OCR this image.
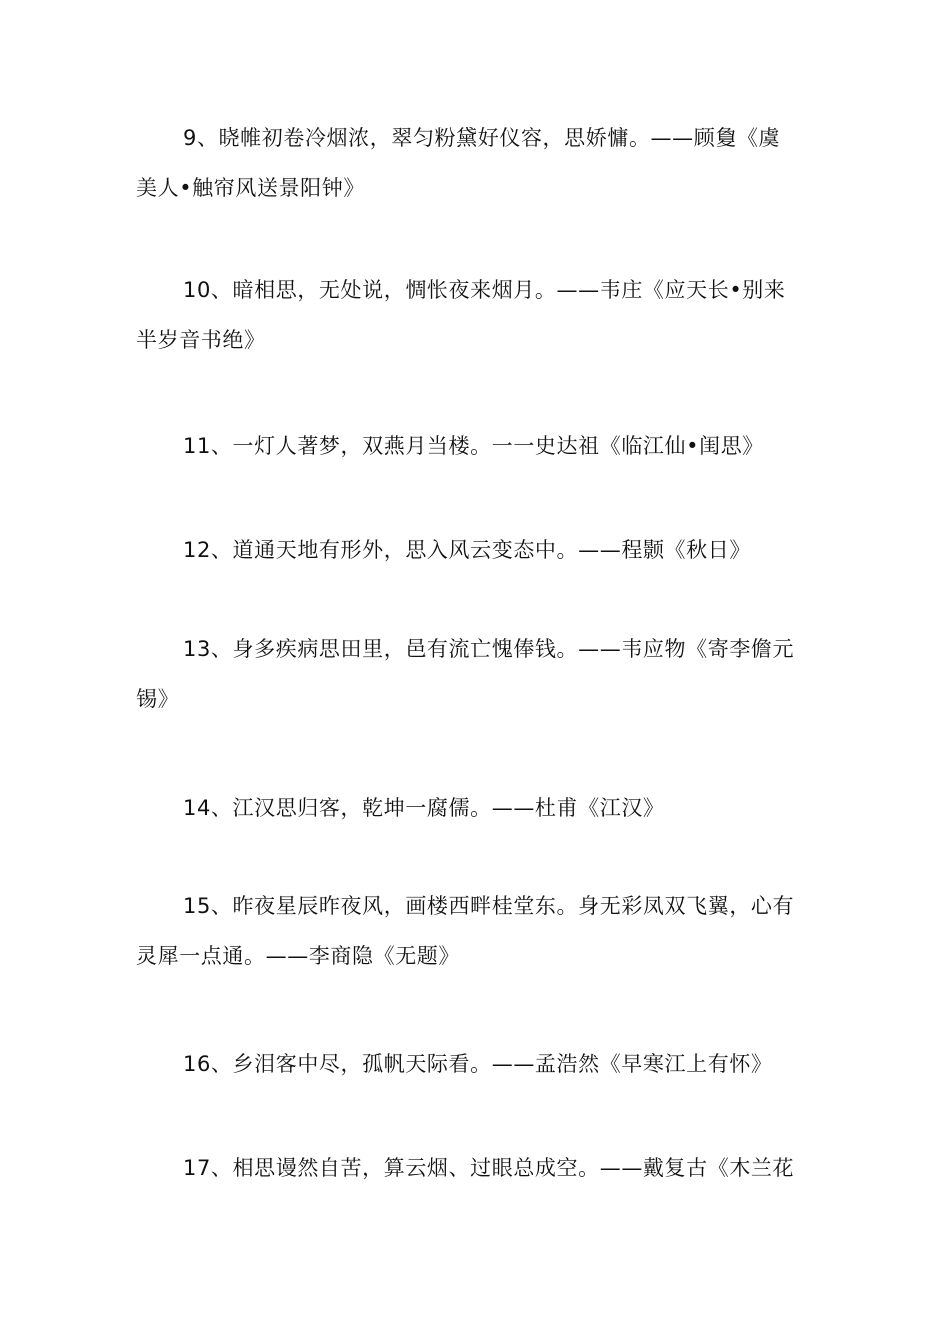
9、晓帷初卷冷烟浓，翠匀粉黛好仪容，思娇慵。——顾敻《虞
美人•触帘风送景阳钟》
10、暗相思，无处说，惆怅夜来烟月。——韦庄《应天长•别来
半岁音书绝》
11、一灯人著梦，双燕月当楼。一一史达祖《临江仙•闺思》
12、道通天地有形外，思入风云变态中。——程颢《秋日》
13、身多疾病思田里，邑有流亡愧俸钱。——韦应物《寄李儋元
锡》
14、江汉思归客，乾坤一腐儒。——杜甫《江汉》
15、昨夜星辰昨夜风，画楼西畔桂堂东。身无彩凤双飞翼，心有
灵犀一点通。——李商隐《无题》
16、乡泪客中尽，孤帆天际看。——孟浩然《早寒江上有怀》
17、相思谩然自苦，算云烟、过眼总成空。——戴复古《木兰花
